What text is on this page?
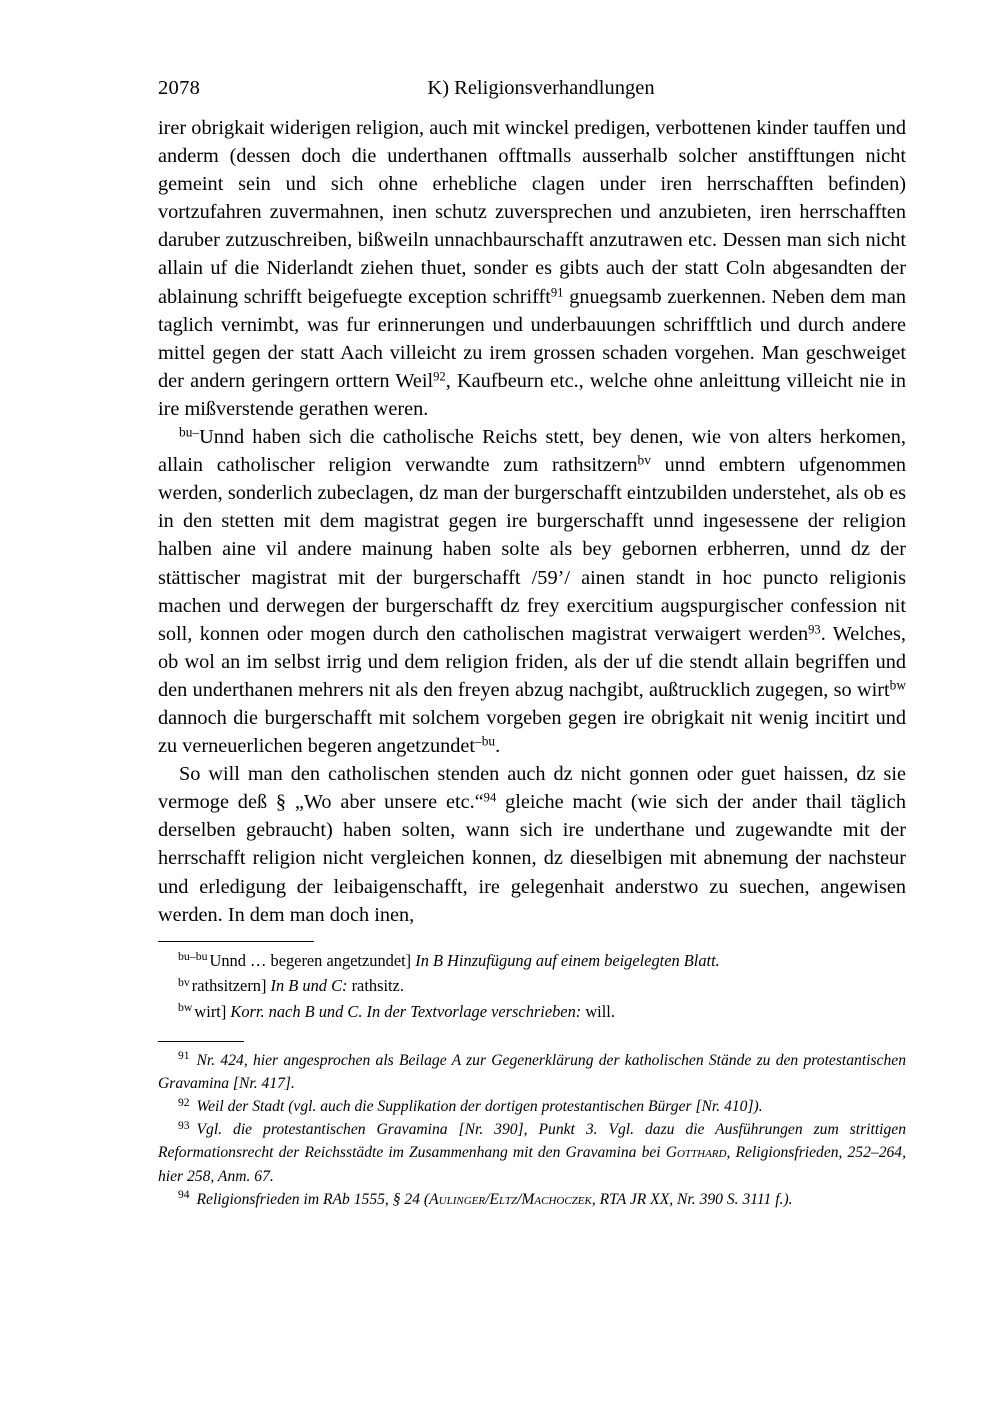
2078	K) Religionsverhandlungen

irer obrigkait widerigen religion, auch mit winckel predigen, verbottenen kinder tauffen und anderm (dessen doch die underthanen offtmalls ausserhalb solcher anstifftungen nicht gemeint sein und sich ohne erhebliche clagen under iren herrschafften befinden) vortzufahren zuvermahnen, inen schutz zuversprechen und anzubieten, iren herrschafften daruber zutzuschreiben, bißweiln unnachbaurschafft anzutrawen etc. Dessen man sich nicht allain uf die Niderlandt ziehen thuet, sonder es gibts auch der statt Coln abgesandten der ablainung schrifft beigefuegte exception schrifft$^{91}$ gnuegsamb zuerkennen. Neben dem man taglich vernimbt, was fur erinnerungen und underbauungen schrifftlich und durch andere mittel gegen der statt Aach villeicht zu irem grossen schaden vorgehen. Man geschweiget der andern geringern orttern Weil$^{92}$, Kaufbeurn etc., welche ohne anleittung villeicht nie in ire mißverstende gerathen weren.

$^{bu-}$Unnd haben sich die catholische Reichs stett, bey denen, wie von alters herkomen, allain catholischer religion verwandte zum rathsitzern$^{bv}$ unnd embtern ufgenommen werden, sonderlich zubeclagen, dz man der burgerschafft eintzubilden understehet, als ob es in den stetten mit dem magistrat gegen ire burgerschafft unnd ingesessene der religion halben aine vil andere mainung haben solte als bey gebornen erbherren, unnd dz der stättischer magistrat mit der burgerschafft /59’/ ainen standt in hoc puncto religionis machen und derwegen der burgerschafft dz frey exercitium augspurgischer confession nit soll, konnen oder mogen durch den catholischen magistrat verwaigert werden$^{93}$. Welches, ob wol an im selbst irrig und dem religion friden, als der uf die stendt allain begriffen und den underthanen mehrers nit als den freyen abzug nachgibt, außtrucklich zugegen, so wirt$^{bw}$ dannoch die burgerschafft mit solchem vorgeben gegen ire obrigkait nit wenig incitirt und zu verneuerlichen begeren angetzundet$^{-bu}$.

So will man den catholischen stenden auch dz nicht gonnen oder guet haissen, dz sie vermoge deß § „Wo aber unsere etc.“$^{94}$ gleiche macht (wie sich der ander thail täglich derselben gebraucht) haben solten, wann sich ire underthane und zugewandte mit der herrschafft religion nicht vergleichen konnen, dz dieselbigen mit abnemung der nachsteur und erledigung der leibaigenschafft, ire gelegenhait anderstwo zu suechen, angewisen werden. In dem man doch inen,

$^{bu-bu}$ Unnd … begeren angetzundet] In B Hinzufügung auf einem beigelegten Blatt.
$^{bv}$ rathsitzern] In B und C: rathsitz.
$^{bw}$ wirt] Korr. nach B und C. In der Textvorlage verschrieben: will.

$^{91}$ Nr. 424, hier angesprochen als Beilage A zur Gegenerklärung der katholischen Stände zu den protestantischen Gravamina [Nr. 417].

$^{92}$ Weil der Stadt (vgl. auch die Supplikation der dortigen protestantischen Bürger [Nr. 410]).

$^{93}$ Vgl. die protestantischen Gravamina [Nr. 390], Punkt 3. Vgl. dazu die Ausführungen zum strittigen Reformationsrecht der Reichsstädte im Zusammenhang mit den Gravamina bei Gotthard, Religionsfrieden, 252–264, hier 258, Anm. 67.

$^{94}$ Religionsfrieden im RAb 1555, § 24 (Aulinger/Eltz/Machoczek, RTA JR XX, Nr. 390 S. 3111 f.).
